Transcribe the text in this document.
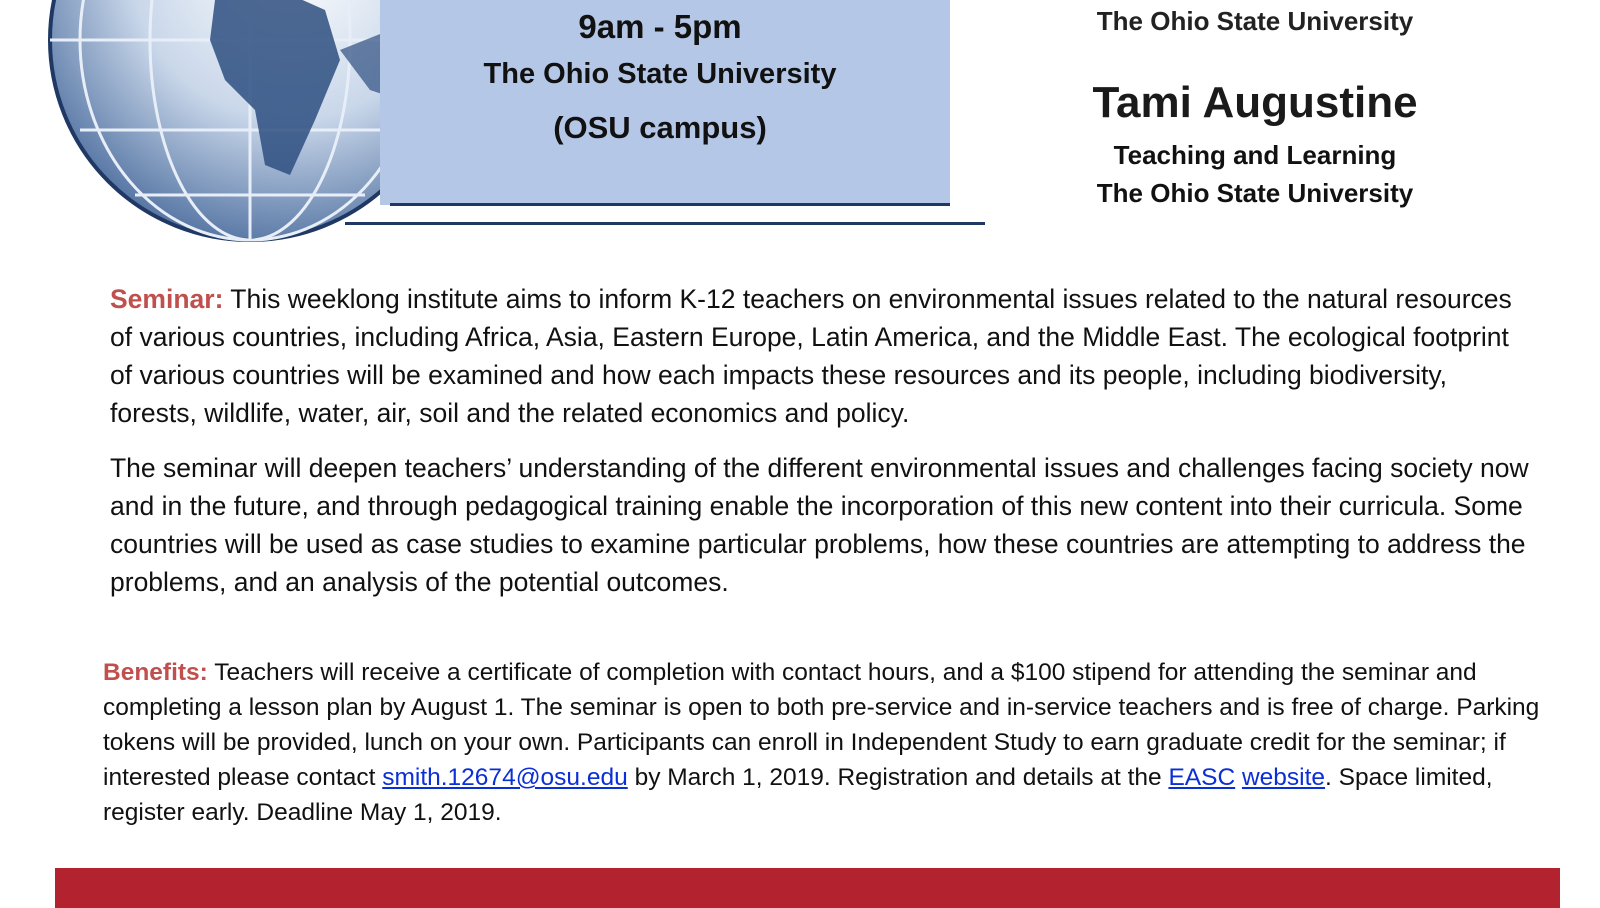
9am - 5pm
The Ohio State University
(OSU campus)
The Ohio State University
Tami Augustine
Teaching and Learning
The Ohio State University

Seminar: This weeklong institute aims to inform K-12 teachers on environmental issues related to the natural resources of various countries, including Africa, Asia, Eastern Europe, Latin America, and the Middle East. The ecological footprint of various countries will be examined and how each impacts these resources and its people, including biodiversity, forests, wildlife, water, air, soil and the related economics and policy.

The seminar will deepen teachers’ understanding of the different environmental issues and challenges facing society now and in the future, and through pedagogical training enable the incorporation of this new content into their curricula. Some countries will be used as case studies to examine particular problems, how these countries are attempting to address the problems, and an analysis of the potential outcomes.

Benefits: Teachers will receive a certificate of completion with contact hours, and a $100 stipend for attending the seminar and completing a lesson plan by August 1. The seminar is open to both pre-service and in-service teachers and is free of charge. Parking tokens will be provided, lunch on your own. Participants can enroll in Independent Study to earn graduate credit for the seminar; if interested please contact smith.12674@osu.edu by March 1, 2019. Registration and details at the EASC website. Space limited, register early. Deadline May 1, 2019.
